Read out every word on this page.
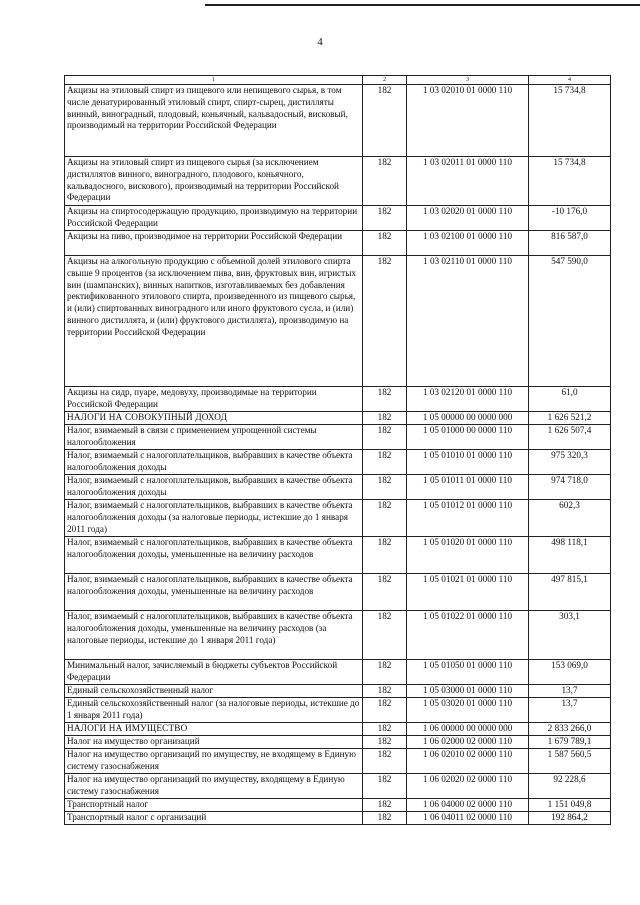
4
1	2	3	4
Акцизы на этиловый спирт из пищевого или непищевого сырья, в том числе денатурированный этиловый спирт, спирт-сырец, дистилляты винный, виноградный, плодовый, коньячный, кальвадосный, висковый, производимый на территории Российской Федерации	182	1 03 02010 01 0000 110	15 734,8
Акцизы на этиловый спирт из пищевого сырья (за исключением дистиллятов винного, виноградного, плодового, коньячного, кальвадосного, вискового), производимый на территории Российской Федерации	182	1 03 02011 01 0000 110	15 734,8
Акцизы на спиртосодержащую продукцию, производимую на территории Российской Федерации	182	1 03 02020 01 0000 110	-10 176,0
Акцизы на пиво, производимое на территории Российской Федерации	182	1 03 02100 01 0000 110	816 587,0
Акцизы на алкогольную продукцию с объемной долей этилового спирта свыше 9 процентов (за исключением пива, вин, фруктовых вин, игристых вин (шампанских), винных напитков, изготавливаемых без добавления ректификованного этилового спирта, произведенного из пищевого сырья, и (или) спиртованных виноградного или иного фруктового сусла, и (или) винного дистиллята, и (или) фруктового дистиллята), производимую на территории Российской Федерации	182	1 03 02110 01 0000 110	547 590,0
Акцизы на сидр, пуаре, медовуху, производимые на территории Российской Федерации	182	1 03 02120 01 0000 110	61,0
НАЛОГИ НА СОВОКУПНЫЙ ДОХОД	182	1 05 00000 00 0000 000	1 626 521,2
Налог, взимаемый в связи с применением упрощенной системы налогообложения	182	1 05 01000 00 0000 110	1 626 507,4
Налог, взимаемый с налогоплательщиков, выбравших в качестве объекта налогообложения доходы	182	1 05 01010 01 0000 110	975 320,3
Налог, взимаемый с налогоплательщиков, выбравших в качестве объекта налогообложения доходы	182	1 05 01011 01 0000 110	974 718,0
Налог, взимаемый с налогоплательщиков, выбравших в качестве объекта налогообложения доходы (за налоговые периоды, истекшие до 1 января 2011 года)	182	1 05 01012 01 0000 110	602,3
Налог, взимаемый с налогоплательщиков, выбравших в качестве объекта налогообложения доходы, уменьшенные на величину расходов	182	1 05 01020 01 0000 110	498 118,1
Налог, взимаемый с налогоплательщиков, выбравших в качестве объекта налогообложения доходы, уменьшенные на величину расходов	182	1 05 01021 01 0000 110	497 815,1
Налог, взимаемый с налогоплательщиков, выбравших в качестве объекта налогообложения доходы, уменьшенные на величину расходов (за налоговые периоды, истекшие до 1 января 2011 года)	182	1 05 01022 01 0000 110	303,1
Минимальный налог, зачисляемый в бюджеты субъектов Российской Федерации	182	1 05 01050 01 0000 110	153 069,0
Единый сельскохозяйственный налог	182	1 05 03000 01 0000 110	13,7
Единый сельскохозяйственный налог (за налоговые периоды, истекшие до 1 января 2011 года)	182	1 05 03020 01 0000 110	13,7
НАЛОГИ НА ИМУЩЕСТВО	182	1 06 00000 00 0000 000	2 833 266,0
Налог на имущество организаций	182	1 06 02000 02 0000 110	1 679 789,1
Налог на имущество организаций по имуществу, не входящему в Единую систему газоснабжения	182	1 06 02010 02 0000 110	1 587 560,5
Налог на имущество организаций по имуществу, входящему в Единую систему газоснабжения	182	1 06 02020 02 0000 110	92 228,6
Транспортный налог	182	1 06 04000 02 0000 110	1 151 049,8
Транспортный налог с организаций	182	1 06 04011 02 0000 110	192 864,2
